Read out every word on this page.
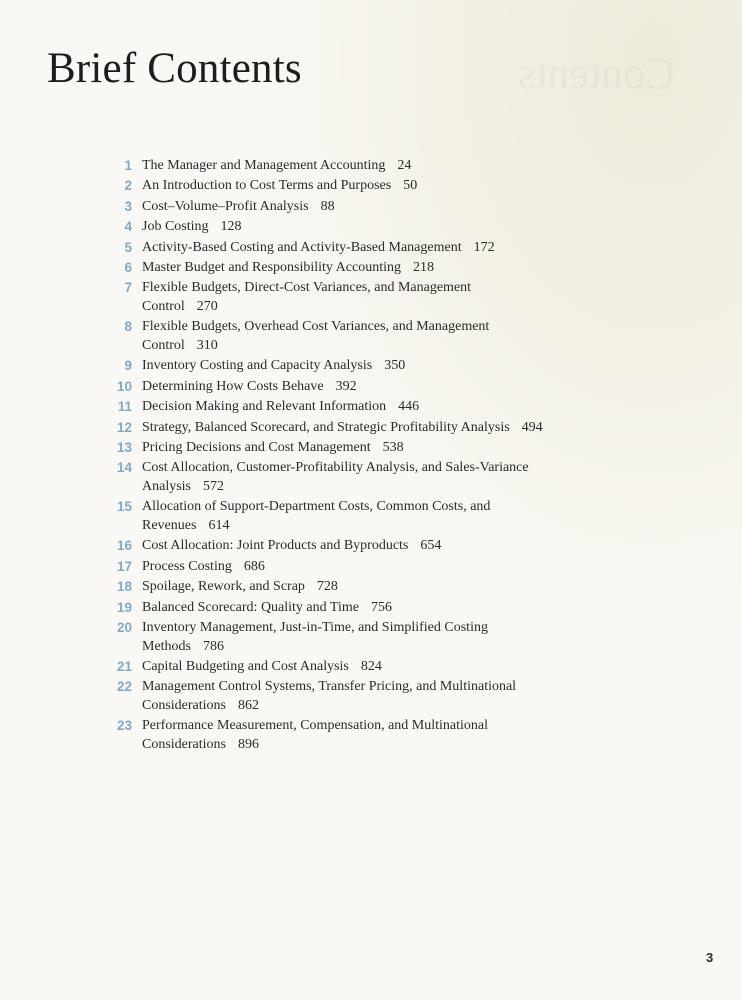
Contents
Brief Contents
1 The Manager and Management Accounting 24
2 An Introduction to Cost Terms and Purposes 50
3 Cost–Volume–Profit Analysis 88
4 Job Costing 128
5 Activity-Based Costing and Activity-Based Management 172
6 Master Budget and Responsibility Accounting 218
7 Flexible Budgets, Direct-Cost Variances, and Management
Control 270
8 Flexible Budgets, Overhead Cost Variances, and Management
Control 310
9 Inventory Costing and Capacity Analysis 350
10 Determining How Costs Behave 392
11 Decision Making and Relevant Information 446
12 Strategy, Balanced Scorecard, and Strategic Profitability Analysis 494
13 Pricing Decisions and Cost Management 538
14 Cost Allocation, Customer-Profitability Analysis, and Sales-Variance
Analysis 572
15 Allocation of Support-Department Costs, Common Costs, and
Revenues 614
16 Cost Allocation: Joint Products and Byproducts 654
17 Process Costing 686
18 Spoilage, Rework, and Scrap 728
19 Balanced Scorecard: Quality and Time 756
20 Inventory Management, Just-in-Time, and Simplified Costing
Methods 786
21 Capital Budgeting and Cost Analysis 824
22 Management Control Systems, Transfer Pricing, and Multinational
Considerations 862
23 Performance Measurement, Compensation, and Multinational
Considerations 896
3
